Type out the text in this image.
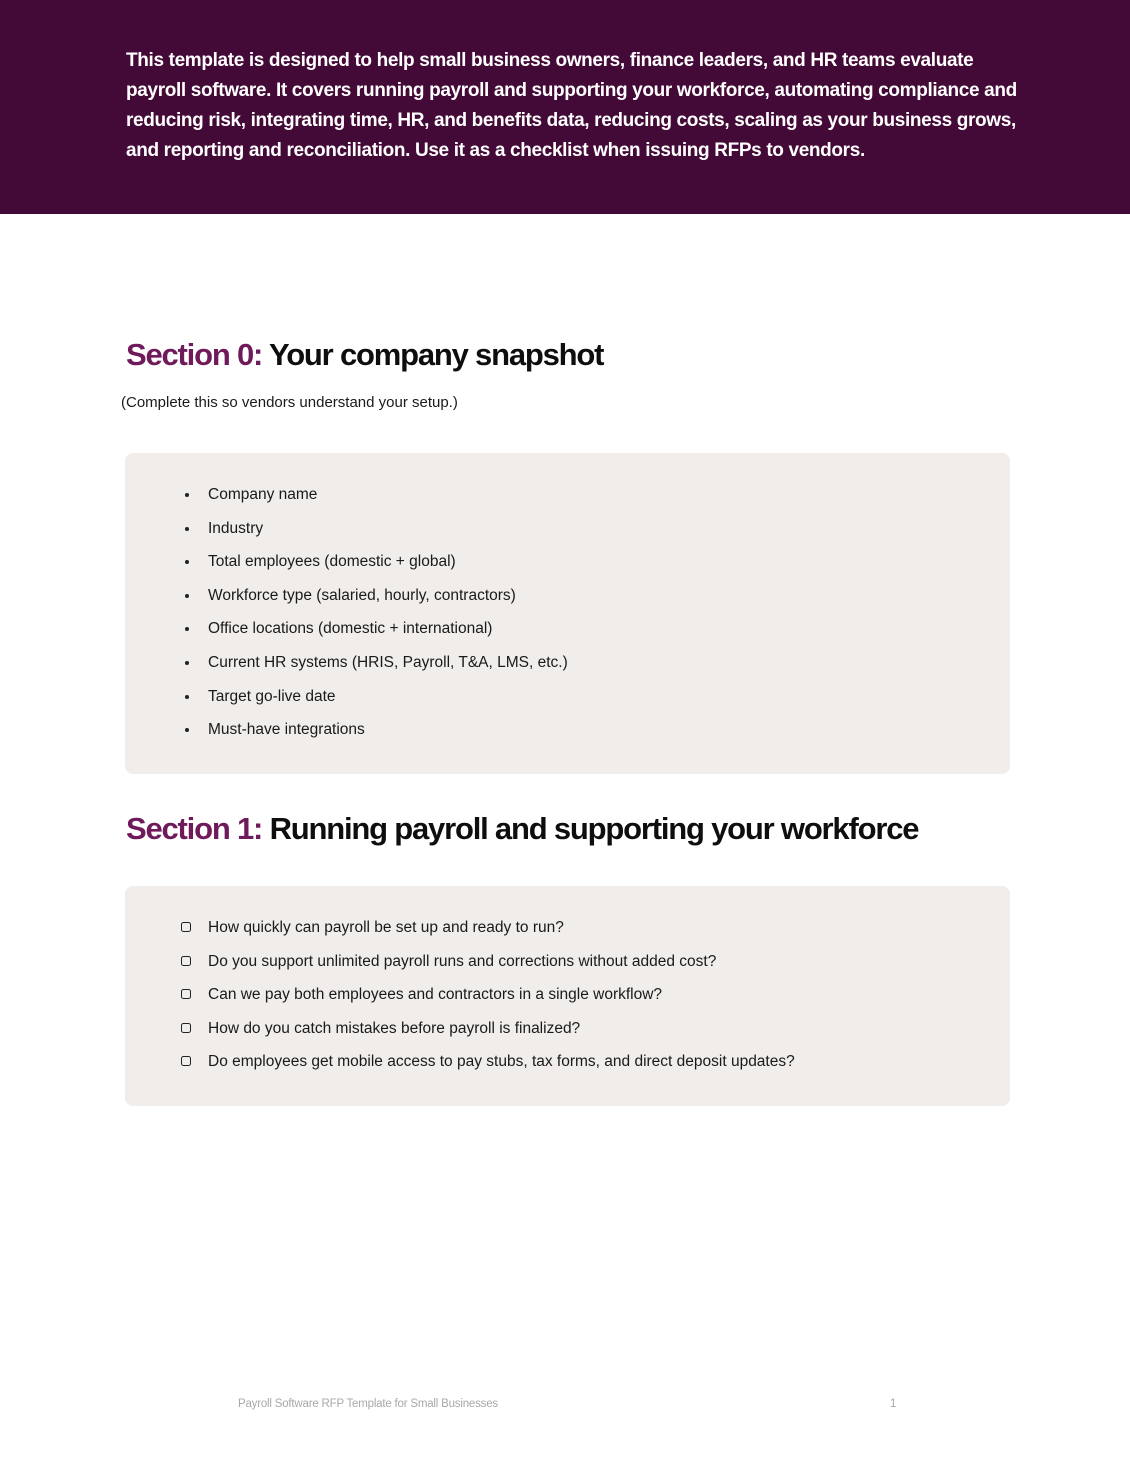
This template is designed to help small business owners, finance leaders, and HR teams evaluate payroll software. It covers running payroll and supporting your workforce, automating compliance and reducing risk, integrating time, HR, and benefits data, reducing costs, scaling as your business grows, and reporting and reconciliation. Use it as a checklist when issuing RFPs to vendors.

Section 0: Your company snapshot

(Complete this so vendors understand your setup.)

Company name
Industry
Total employees (domestic + global)
Workforce type (salaried, hourly, contractors)
Office locations (domestic + international)
Current HR systems (HRIS, Payroll, T&A, LMS, etc.)
Target go-live date
Must-have integrations
Section 1: Running payroll and supporting your workforce
How quickly can payroll be set up and ready to run?
Do you support unlimited payroll runs and corrections without added cost?
Can we pay both employees and contractors in a single workflow?
How do you catch mistakes before payroll is finalized?
Do employees get mobile access to pay stubs, tax forms, and direct deposit updates?
Payroll Software RFP Template for Small Businesses	1
